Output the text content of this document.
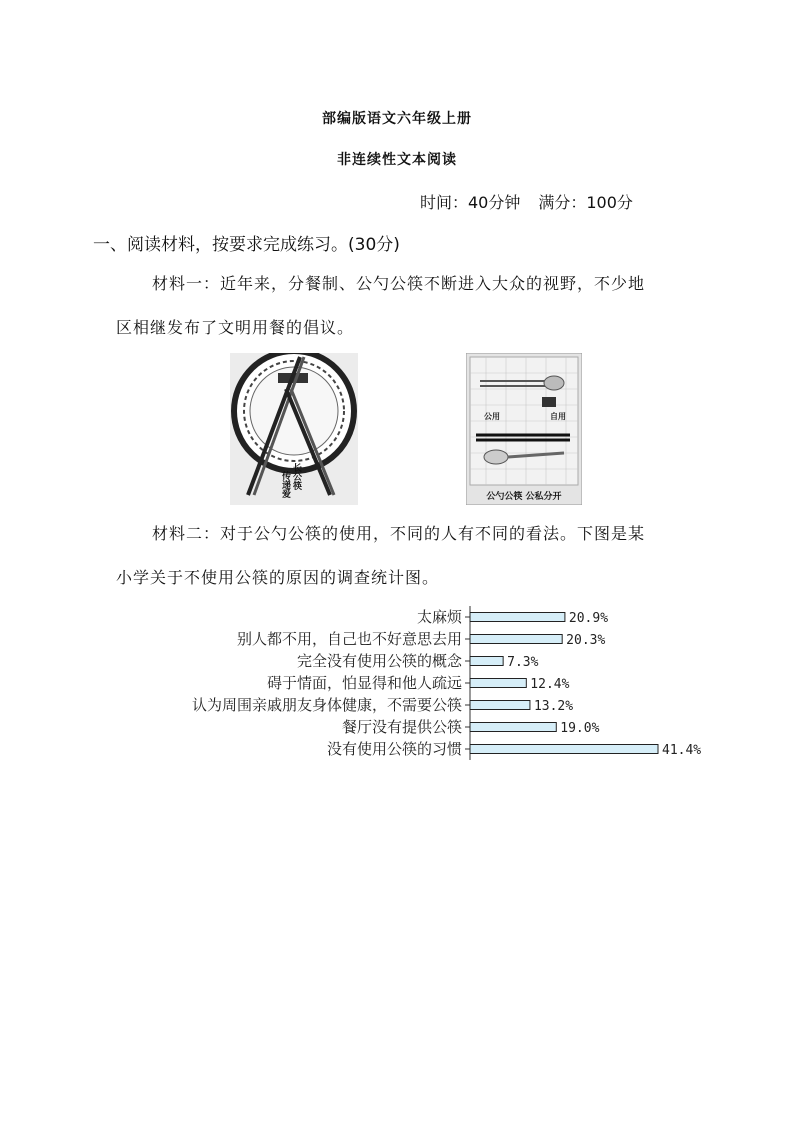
部编版语文六年级上册
非连续性文本阅读
时间：40分钟 满分：100分
一、阅读材料，按要求完成练习。(30分)
材料一：近年来，分餐制、公勺公筷不断进入大众的视野，不少地
区相继发布了文明用餐的倡议。
长公筷
传递爱
公用	自用
公勺公筷 公私分开
材料二：对于公勺公筷的使用，不同的人有不同的看法。下图是某
小学关于不使用公筷的原因的调查统计图。
太麻烦	20.9%
别人都不用，自己也不好意思去用	20.3%
完全没有使用公筷的概念	7.3%
碍于情面，怕显得和他人疏远	12.4%
认为周围亲戚朋友身体健康，不需要公筷	13.2%
餐厅没有提供公筷	19.0%
没有使用公筷的习惯	41.4%
